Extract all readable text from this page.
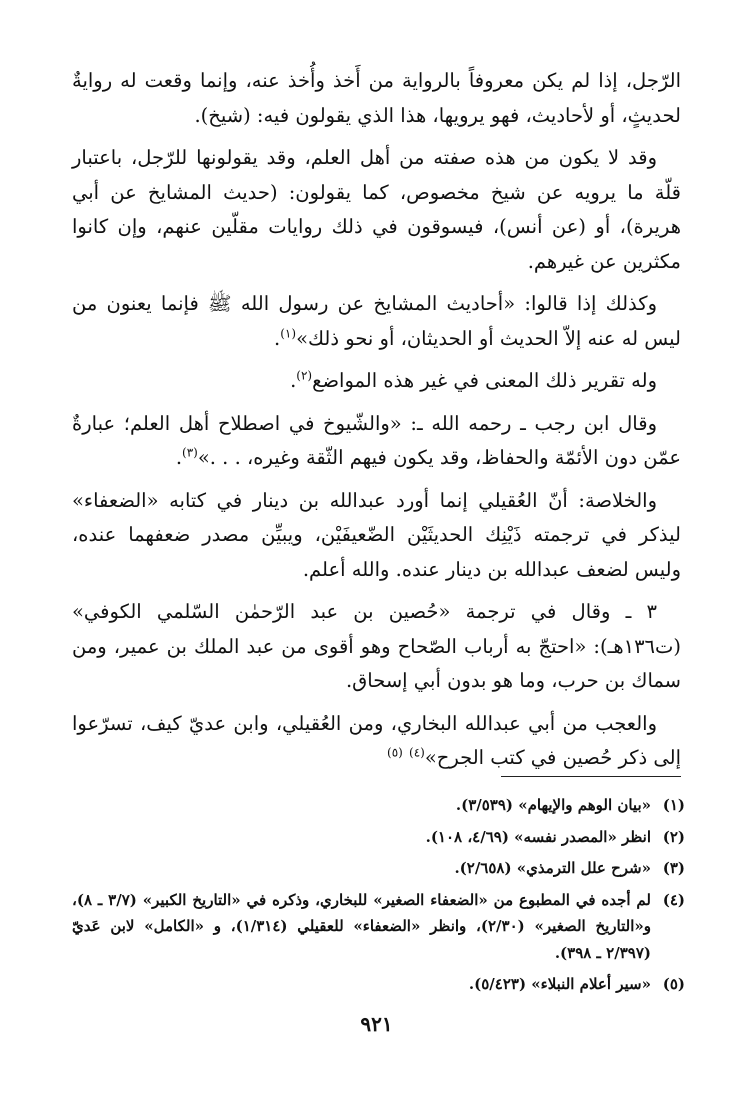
الرّجل، إذا لم يكن معروفاً بالرواية من أَخذ وأُخذ عنه، وإنما وقعت له روايةٌ لحديثٍ، أو لأحاديث، فهو يرويها، هذا الذي يقولون فيه: (شيخ).

وقد لا يكون من هذه صفته من أهل العلم، وقد يقولونها للرّجل، باعتبار قلّة ما يرويه عن شيخ مخصوص، كما يقولون: (حديث المشايخ عن أبي هريرة)، أو (عن أنس)، فيسوقون في ذلك روايات مقلّين عنهم، وإن كانوا مكثرين عن غيرهم.

وكذلك إذا قالوا: «أحاديث المشايخ عن رسول الله ﷺ فإنما يعنون من ليس له عنه إلاّ الحديث أو الحديثان، أو نحو ذلك»$^{(١)}$.

وله تقرير ذلك المعنى في غير هذه المواضع$^{(٢)}$.

وقال ابن رجب ـ رحمه الله ـ: «والشّيوخ في اصطلاح أهل العلم؛ عبارةٌ عمّن دون الأئمّة والحفاظ، وقد يكون فيهم الثّقة وغيره، . . .»$^{(٣)}$.

والخلاصة: أنّ العُقيلي إنما أورد عبدالله بن دينار في كتابه «الضعفاء» ليذكر في ترجمته ذَيْنِك الحديثَيْن الضّعيفَيْن، ويبيِّن مصدر ضعفهما عنده، وليس لضعف عبدالله بن دينار عنده. والله أعلم.

٣ ـ وقال في ترجمة «حُصين بن عبد الرّحمٰن السّلمي الكوفي» (ت١٣٦هـ): «احتجّ به أرباب الصّحاح وهو أقوى من عبد الملك بن عمير، ومن سماك بن حرب، وما هو بدون أبي إسحاق.

والعجب من أبي عبدالله البخاري، ومن العُقيلي، وابن عديّ كيف، تسرّعوا إلى ذكر حُصين في كتب الجرح»$^{(٤)}$ $^{(٥)}$

(١)
«بيان الوهم والإيهام» (٣/٥٣٩).
(٢)
انظر «المصدر نفسه» (٤/٦٩، ١٠٨).
(٣)
«شرح علل الترمذي» (٢/٦٥٨).
(٤)
لم أجده في المطبوع من «الضعفاء الصغير» للبخاري، وذكره في «التاريخ الكبير» (٣/٧ ـ ٨)، و«التاريخ الصغير» (٢/٣٠)، وانظر «الضعفاء» للعقيلي (١/٣١٤)، و «الكامل» لابن عَديّ (٢/٣٩٧ ـ ٣٩٨).
(٥)
«سير أعلام النبلاء» (٥/٤٢٣).
٩٢١
